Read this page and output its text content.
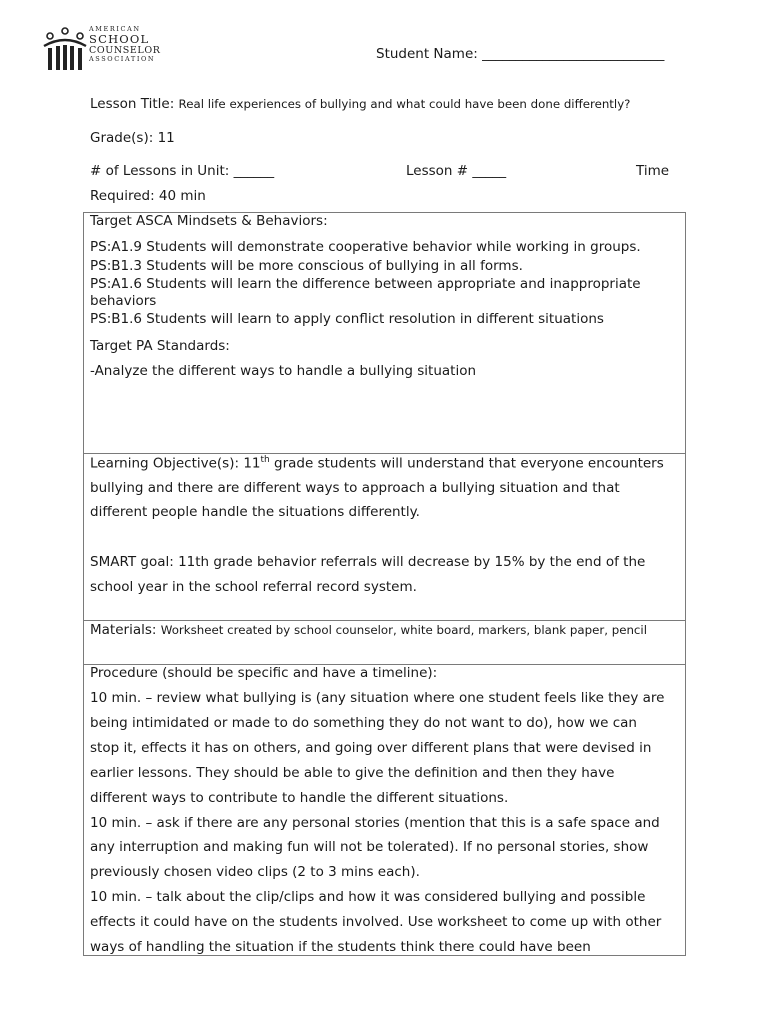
AMERICAN
SCHOOL
COUNSELOR
ASSOCIATION	Student Name: ___________________________
Lesson Title: Real life experiences of bullying and what could have been done differently?
Grade(s): 11
# of Lessons in Unit: ______	Lesson # _____	Time
Required: 40 min
Target ASCA Mindsets & Behaviors:
PS:A1.9 Students will demonstrate cooperative behavior while working in groups.
PS:B1.3 Students will be more conscious of bullying in all forms.
PS:A1.6 Students will learn the difference between appropriate and inappropriate
behaviors
PS:B1.6 Students will learn to apply conflict resolution in different situations
Target PA Standards:
-Analyze the different ways to handle a bullying situation
Learning Objective(s): 11th grade students will understand that everyone encounters
bullying and there are different ways to approach a bullying situation and that
different people handle the situations differently.
SMART goal: 11th grade behavior referrals will decrease by 15% by the end of the
school year in the school referral record system.
Materials: Worksheet created by school counselor, white board, markers, blank paper, pencil
Procedure (should be specific and have a timeline):
10 min. – review what bullying is (any situation where one student feels like they are
being intimidated or made to do something they do not want to do), how we can
stop it, effects it has on others, and going over different plans that were devised in
earlier lessons. They should be able to give the definition and then they have
different ways to contribute to handle the different situations.
10 min. – ask if there are any personal stories (mention that this is a safe space and
any interruption and making fun will not be tolerated). If no personal stories, show
previously chosen video clips (2 to 3 mins each).
10 min. – talk about the clip/clips and how it was considered bullying and possible
effects it could have on the students involved. Use worksheet to come up with other
ways of handling the situation if the students think there could have been
